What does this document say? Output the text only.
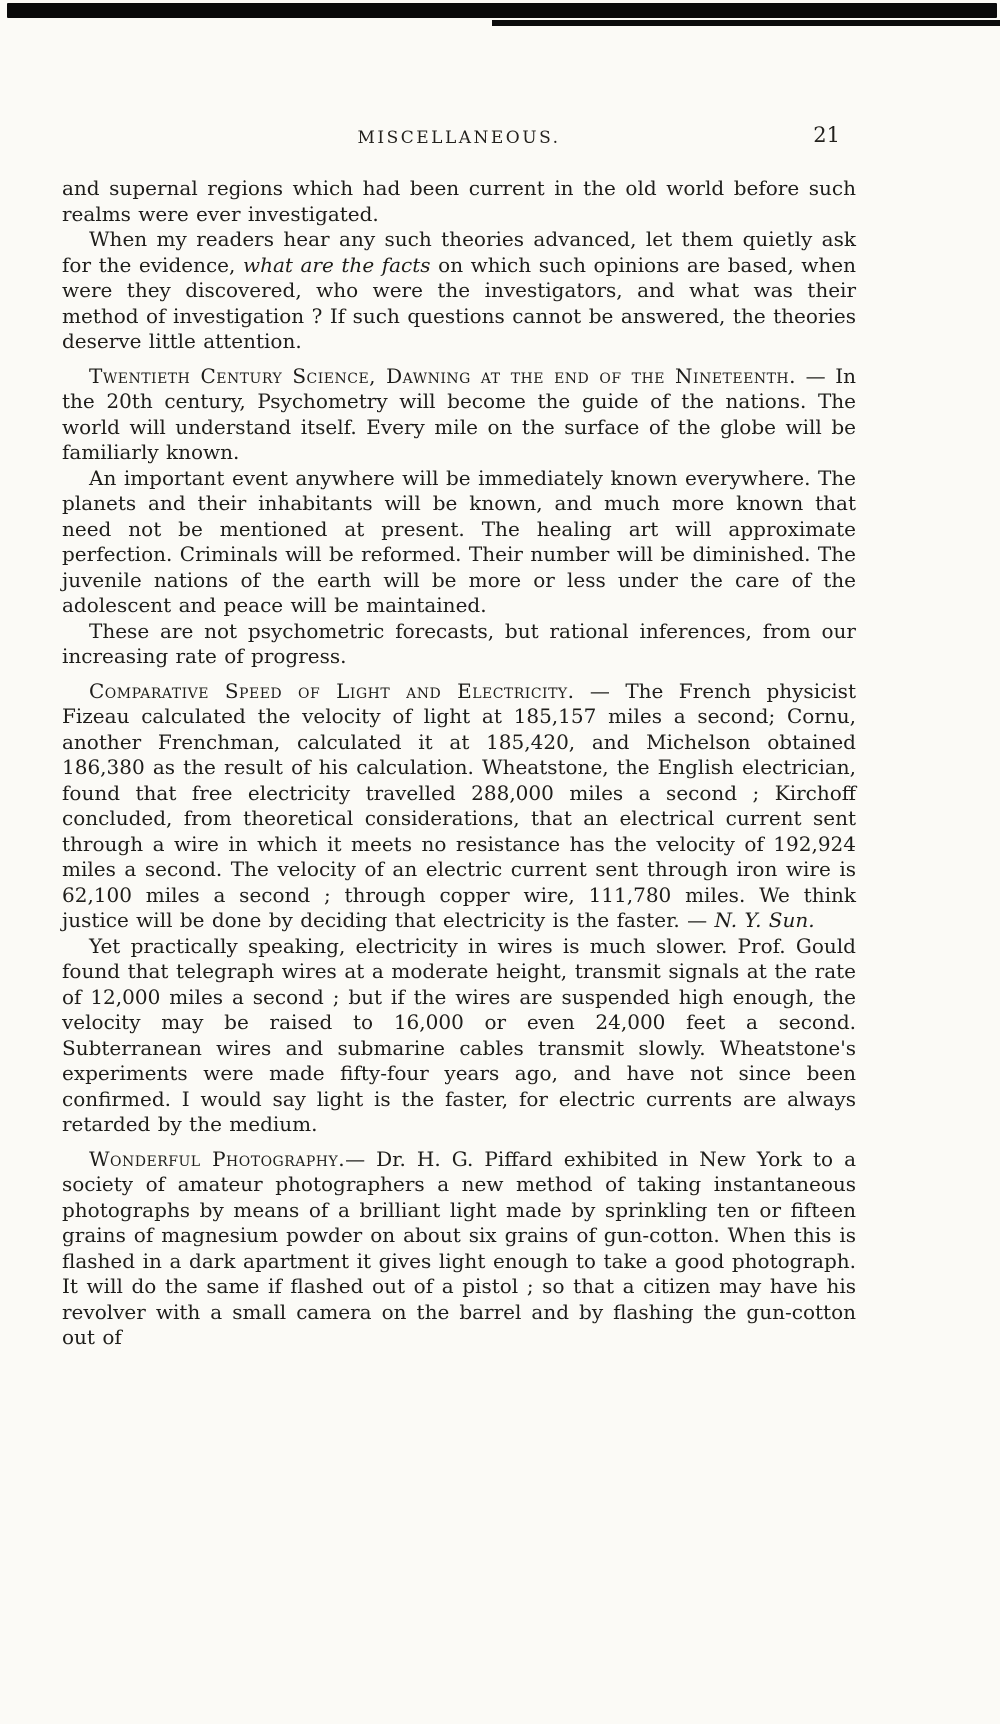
MISCELLANEOUS.	21

and supernal regions which had been current in the old world before such realms were ever investigated.

When my readers hear any such theories advanced, let them quietly ask for the evidence, what are the facts on which such opinions are based, when were they discovered, who were the investigators, and what was their method of investigation ? If such questions cannot be answered, the theories deserve little attention.

Twentieth Century Science, Dawning at the end of the Nineteenth. — In the 20th century, Psychometry will become the guide of the nations. The world will understand itself. Every mile on the surface of the globe will be familiarly known.

An important event anywhere will be immediately known everywhere. The planets and their inhabitants will be known, and much more known that need not be mentioned at present. The healing art will approximate perfection. Criminals will be reformed. Their number will be diminished. The juvenile nations of the earth will be more or less under the care of the adolescent and peace will be maintained.

These are not psychometric forecasts, but rational inferences, from our increasing rate of progress.

Comparative Speed of Light and Electricity. — The French physicist Fizeau calculated the velocity of light at 185,157 miles a second; Cornu, another Frenchman, calculated it at 185,420, and Michelson obtained 186,380 as the result of his calculation. Wheatstone, the English electrician, found that free electricity travelled 288,000 miles a second ; Kirchoff concluded, from theoretical considerations, that an electrical current sent through a wire in which it meets no resistance has the velocity of 192,924 miles a second. The velocity of an electric current sent through iron wire is 62,100 miles a second ; through copper wire, 111,780 miles. We think justice will be done by deciding that electricity is the faster. — N. Y. Sun.

Yet practically speaking, electricity in wires is much slower. Prof. Gould found that telegraph wires at a moderate height, transmit signals at the rate of 12,000 miles a second ; but if the wires are suspended high enough, the velocity may be raised to 16,000 or even 24,000 feet a second. Subterranean wires and submarine cables transmit slowly. Wheatstone's experiments were made fifty-four years ago, and have not since been confirmed. I would say light is the faster, for electric currents are always retarded by the medium.

Wonderful Photography.— Dr. H. G. Piffard exhibited in New York to a society of amateur photographers a new method of taking instantaneous photographs by means of a brilliant light made by sprinkling ten or fifteen grains of magnesium powder on about six grains of gun-cotton. When this is flashed in a dark apartment it gives light enough to take a good photograph. It will do the same if flashed out of a pistol ; so that a citizen may have his revolver with a small camera on the barrel and by flashing the gun-cotton out of
